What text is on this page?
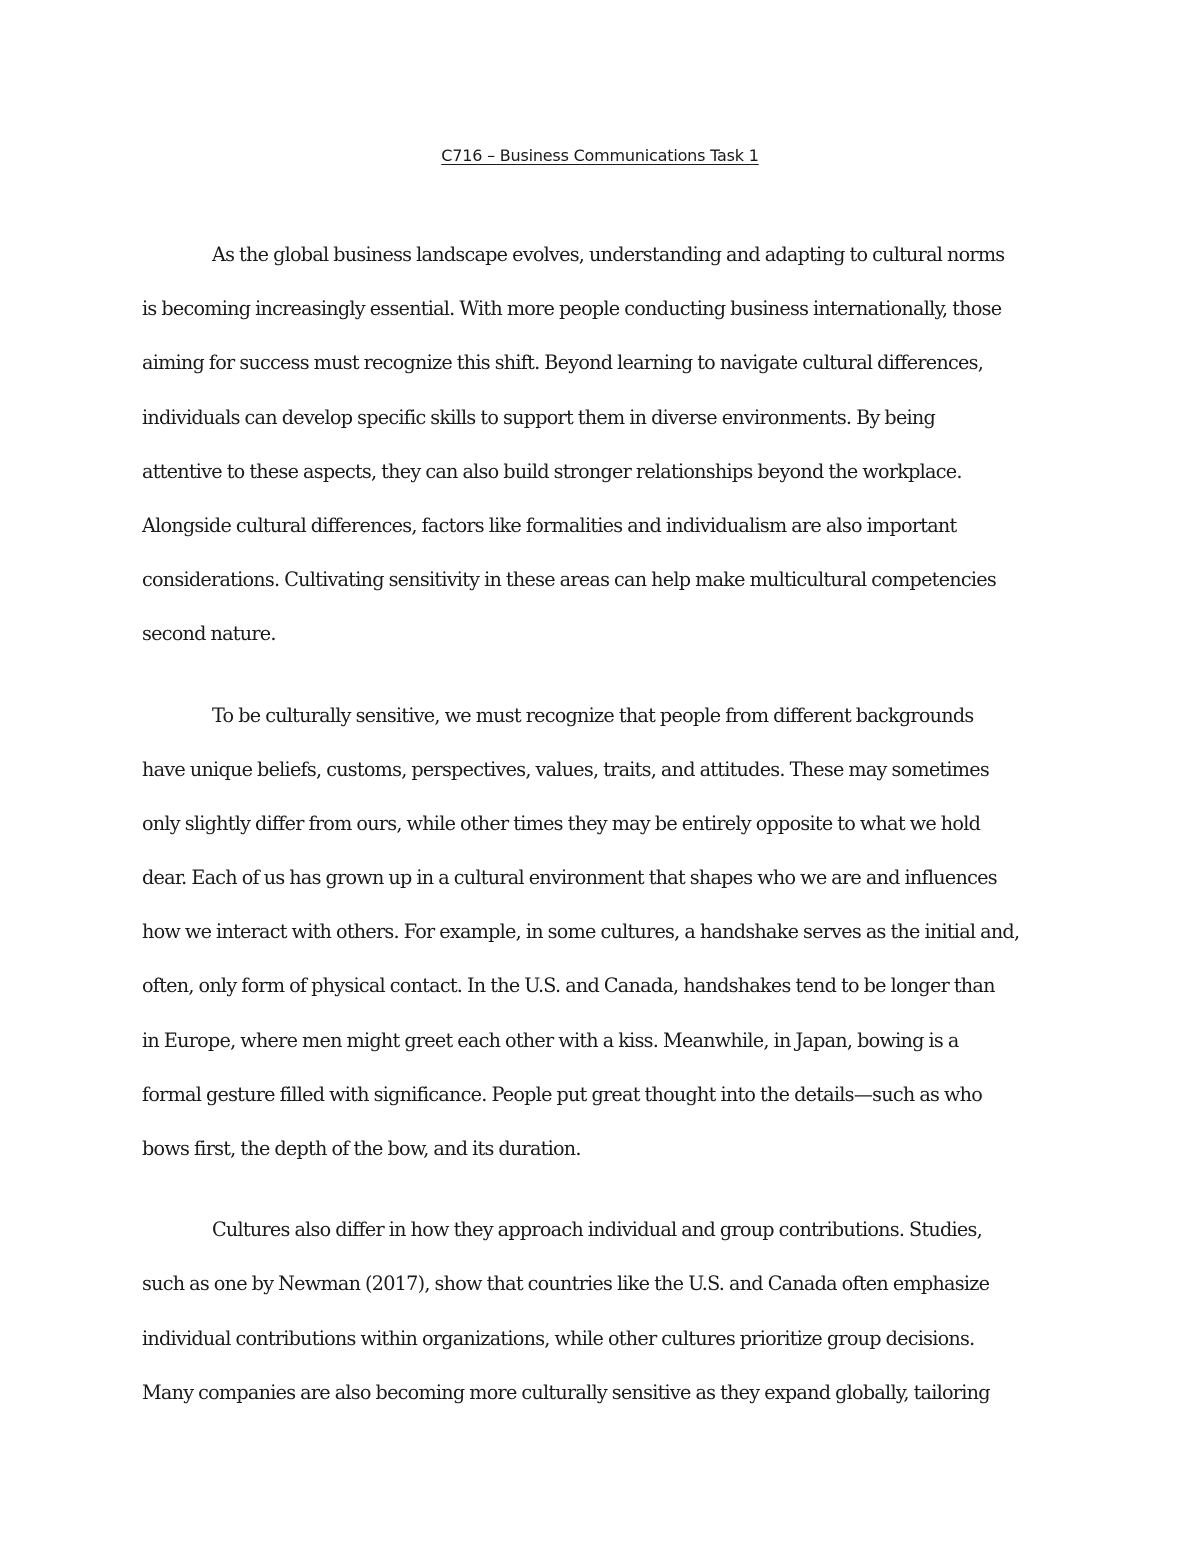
C716 – Business Communications Task 1
As the global business landscape evolves, understanding and adapting to cultural norms
is becoming increasingly essential. With more people conducting business internationally, those
aiming for success must recognize this shift. Beyond learning to navigate cultural differences,
individuals can develop specific skills to support them in diverse environments. By being
attentive to these aspects, they can also build stronger relationships beyond the workplace.
Alongside cultural differences, factors like formalities and individualism are also important
considerations. Cultivating sensitivity in these areas can help make multicultural competencies
second nature.
To be culturally sensitive, we must recognize that people from different backgrounds
have unique beliefs, customs, perspectives, values, traits, and attitudes. These may sometimes
only slightly differ from ours, while other times they may be entirely opposite to what we hold
dear. Each of us has grown up in a cultural environment that shapes who we are and influences
how we interact with others. For example, in some cultures, a handshake serves as the initial and,
often, only form of physical contact. In the U.S. and Canada, handshakes tend to be longer than
in Europe, where men might greet each other with a kiss. Meanwhile, in Japan, bowing is a
formal gesture filled with significance. People put great thought into the details—such as who
bows first, the depth of the bow, and its duration.
Cultures also differ in how they approach individual and group contributions. Studies,
such as one by Newman (2017), show that countries like the U.S. and Canada often emphasize
individual contributions within organizations, while other cultures prioritize group decisions.
Many companies are also becoming more culturally sensitive as they expand globally, tailoring
